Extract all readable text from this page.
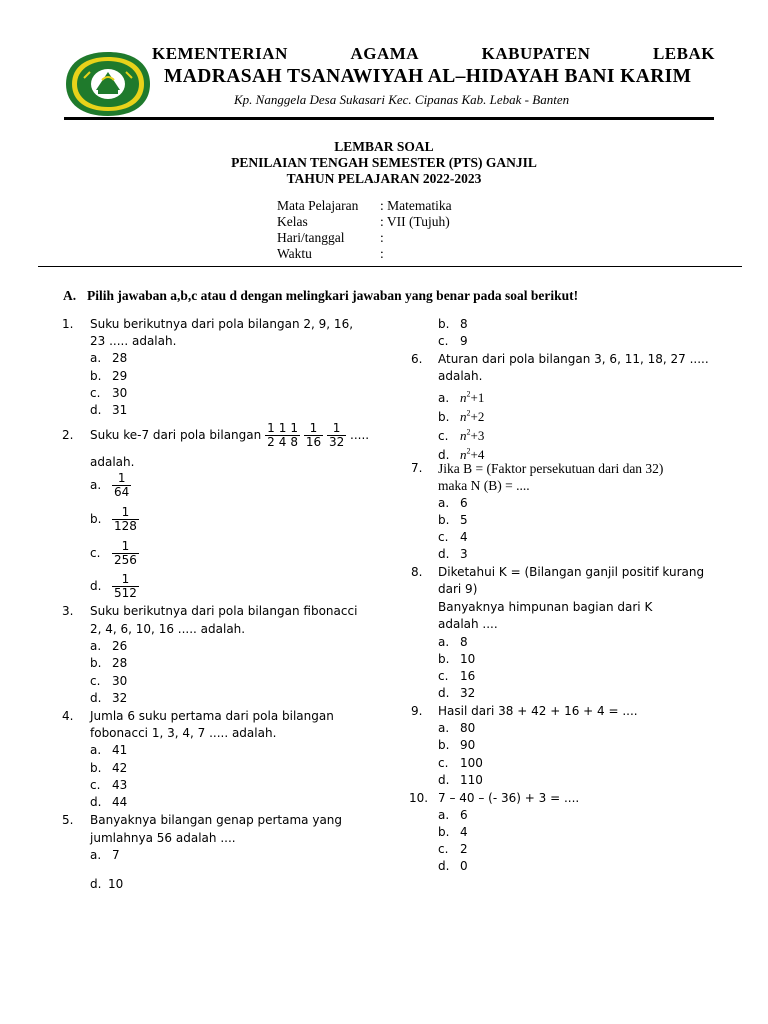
KEMENTERIAN	AGAMA	KABUPATEN	LEBAK
MADRASAH TSANAWIYAH AL–HIDAYAH BANI KARIM
Kp. Nanggela Desa Sukasari Kec. Cipanas Kab. Lebak - Banten
LEMBAR SOAL
PENILAIAN TENGAH SEMESTER (PTS) GANJIL
TAHUN PELAJARAN 2022-2023
Mata Pelajaran	: Matematika
Kelas	: VII (Tujuh)
Hari/tanggal	:
Waktu	:
A. Pilih jawaban a,b,c atau d dengan melingkari jawaban yang benar pada soal berikut!
1. Suku berikutnya dari pola bilangan 2, 9, 16,
23 ..... adalah.
a. 28
b. 29
c. 30
d. 31
2. Suku ke-7 dari pola bilangan $\frac{1}{2} \frac{1}{4} \frac{1}{8}$
$\frac{1}{16}$
$\frac{1}{32}$ .....
adalah.
a. $\frac{1}{64}$
b. $\frac{1}{128}$
c. $\frac{1}{256}$
d. $\frac{1}{512}$
3. Suku berikutnya dari pola bilangan fibonacci
2, 4, 6, 10, 16 ..... adalah.
a. 26
b. 28
c. 30
d. 32
4. Jumla 6 suku pertama dari pola bilangan
fobonacci 1, 3, 4, 7 ..... adalah.
a. 41
b. 42
c. 43
d. 44
5. Banyaknya bilangan genap pertama yang
jumlahnya 56 adalah ....
a. 7
d. 10
b. 8
c. 9
6. Aturan dari pola bilangan 3, 6, 11, 18, 27 .....
adalah.
a. $n^2+1$
b. $n^2+2$
c. $n^2+3$
d. $n^2+4$
7. Jika B = (Faktor persekutuan dari dan 32)
maka N (B) = ....
a. 6
b. 5
c. 4
d. 3
8. Diketahui K = (Bilangan ganjil positif kurang
dari 9)
Banyaknya himpunan bagian dari K
adalah ....
a. 8
b. 10
c. 16
d. 32
9. Hasil dari 38 + 42 + 16 + 4 = ....
a. 80
b. 90
c. 100
d. 110
10. 7 – 40 – (- 36) + 3 = ....
a. 6
b. 4
c. 2
d. 0
